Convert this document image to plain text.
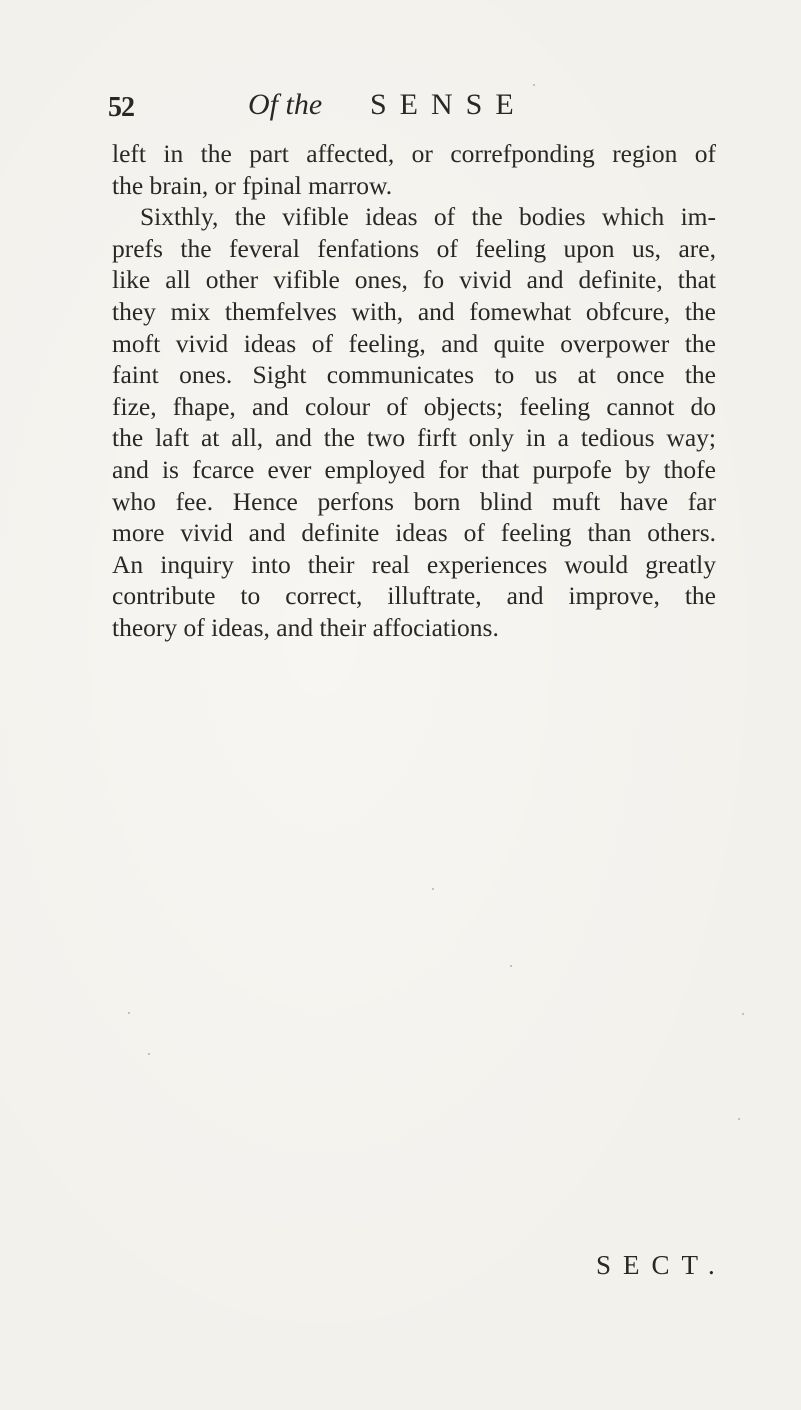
52	Of the SENSE
left in the part affected, or correfponding region of
the brain, or fpinal marrow.
Sixthly, the vifible ideas of the bodies which im-
prefs the feveral fenfations of feeling upon us, are,
like all other vifible ones, fo vivid and definite, that
they mix themfelves with, and fomewhat obfcure, the
moft vivid ideas of feeling, and quite overpower the
faint ones. Sight communicates to us at once the
fize, fhape, and colour of objects; feeling cannot do
the laft at all, and the two firft only in a tedious way;
and is fcarce ever employed for that purpofe by thofe
who fee. Hence perfons born blind muft have far
more vivid and definite ideas of feeling than others.
An inquiry into their real experiences would greatly
contribute to correct, illuftrate, and improve, the
theory of ideas, and their affociations.
SECT.
